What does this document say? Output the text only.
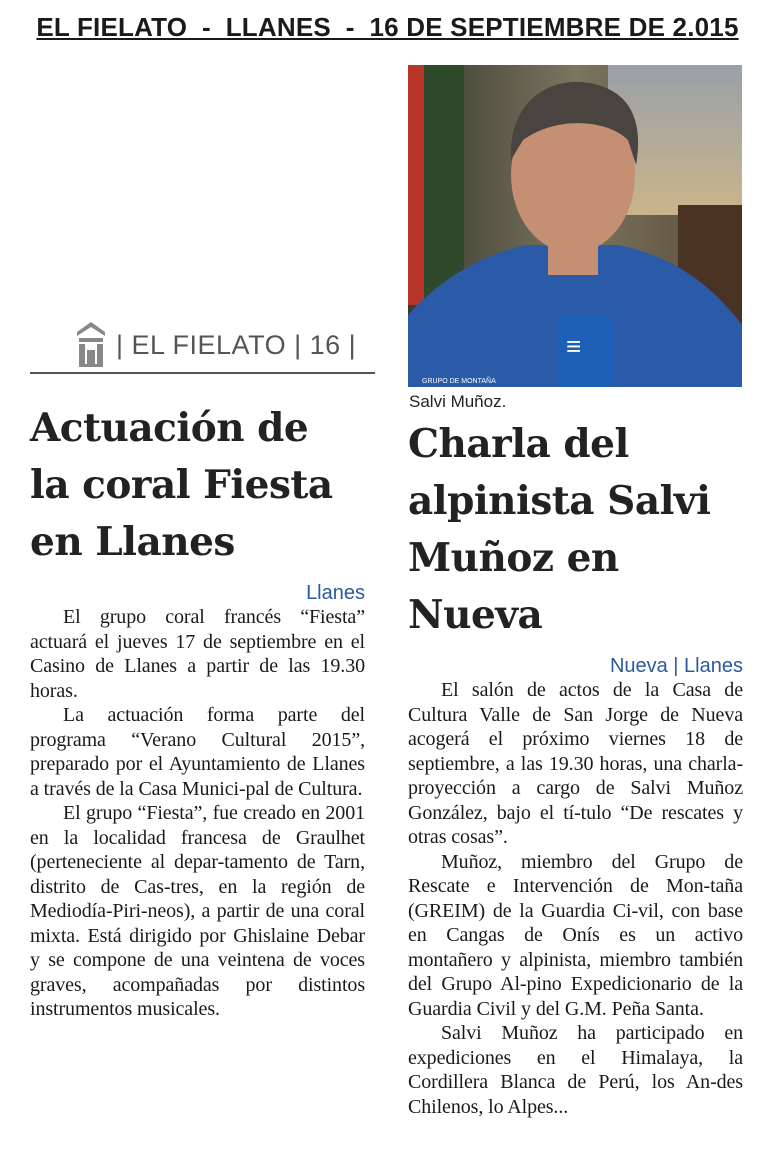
EL FIELATO  -  LLANES  -  16 DE SEPTIEMBRE DE 2.015
| EL FIELATO | 16 |	≡
GRUPO DE MONTAÑA
Salvi Muñoz.
Actuación de
la coral Fiesta
en Llanes
Llanes

El grupo coral francés “Fiesta” actuará el jueves 17 de septiembre en el Casino de Llanes a partir de las 19.30 horas.

La actuación forma parte del programa “Verano Cultural 2015”, preparado por el Ayuntamiento de Llanes a través de la Casa Munici-pal de Cultura.

El grupo “Fiesta”, fue creado en 2001 en la localidad francesa de Graulhet (perteneciente al depar-tamento de Tarn, distrito de Cas-tres, en la región de Mediodía-Piri-neos), a partir de una coral mixta. Está dirigido por Ghislaine Debar y se compone de una veintena de voces graves, acompañadas por distintos instrumentos musicales.

Charla del
alpinista Salvi
Muñoz en Nueva
Nueva | Llanes

El salón de actos de la Casa de Cultura Valle de San Jorge de Nueva acogerá el próximo viernes 18 de septiembre, a las 19.30 horas, una charla-proyección a cargo de Salvi Muñoz González, bajo el tí-tulo “De rescates y otras cosas”.

Muñoz, miembro del Grupo de Rescate e Intervención de Mon-taña (GREIM) de la Guardia Ci-vil, con base en Cangas de Onís es un activo montañero y alpinista, miembro también del Grupo Al-pino Expedicionario de la Guardia Civil y del G.M. Peña Santa.

Salvi Muñoz ha participado en expediciones en el Himalaya, la Cordillera Blanca de Perú, los An-des Chilenos, lo Alpes...
